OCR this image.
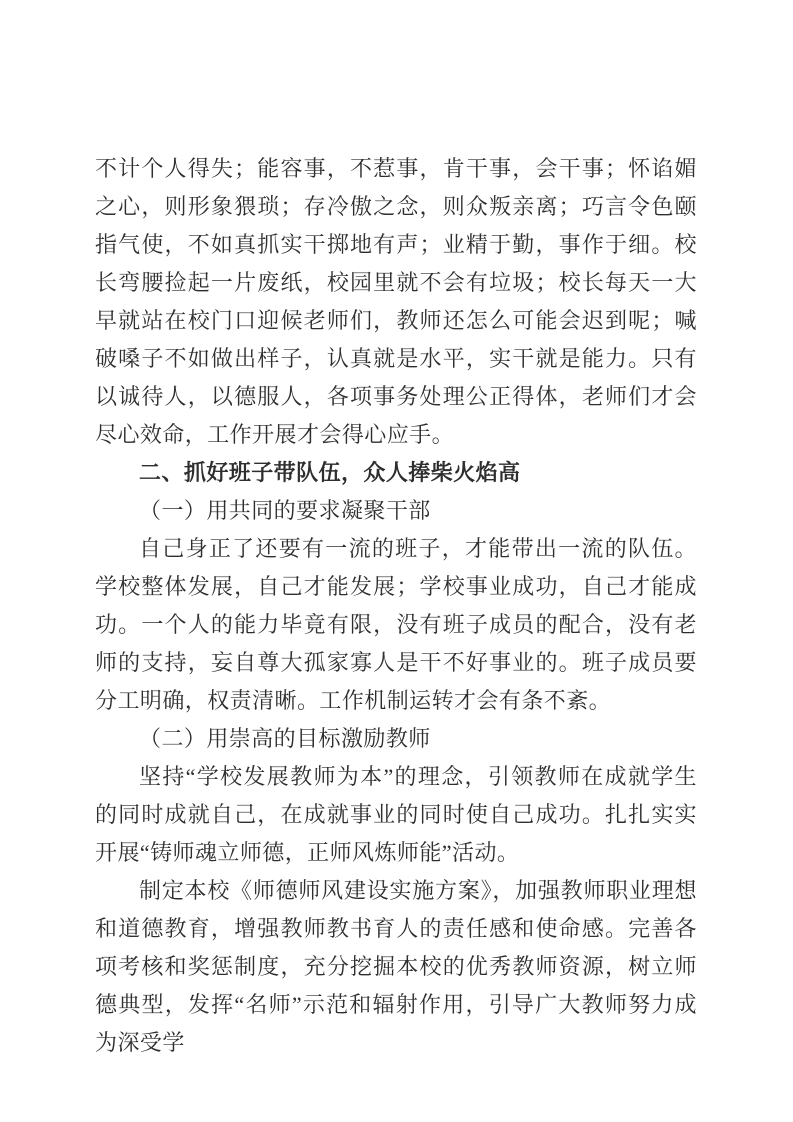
不计个人得失；能容事，不惹事，肯干事，会干事；怀谄媚之心，则形象猥琐；存冷傲之念，则众叛亲离；巧言令色颐指气使，不如真抓实干掷地有声；业精于勤，事作于细。校长弯腰捡起一片废纸，校园里就不会有垃圾；校长每天一大早就站在校门口迎候老师们，教师还怎么可能会迟到呢；喊破嗓子不如做出样子，认真就是水平，实干就是能力。只有以诚待人，以德服人，各项事务处理公正得体，老师们才会尽心效命，工作开展才会得心应手。

二、抓好班子带队伍，众人捧柴火焰高

（一）用共同的要求凝聚干部

自己身正了还要有一流的班子，才能带出一流的队伍。学校整体发展，自己才能发展；学校事业成功，自己才能成功。一个人的能力毕竟有限，没有班子成员的配合，没有老师的支持，妄自尊大孤家寡人是干不好事业的。班子成员要分工明确，权责清晰。工作机制运转才会有条不紊。

（二）用崇高的目标激励教师

坚持“学校发展教师为本”的理念，引领教师在成就学生的同时成就自己，在成就事业的同时使自己成功。扎扎实实开展“铸师魂立师德，正师风炼师能”活动。

制定本校《师德师风建设实施方案》，加强教师职业理想和道德教育，增强教师教书育人的责任感和使命感。完善各项考核和奖惩制度，充分挖掘本校的优秀教师资源，树立师德典型，发挥“名师”示范和辐射作用，引导广大教师努力成为深受学
